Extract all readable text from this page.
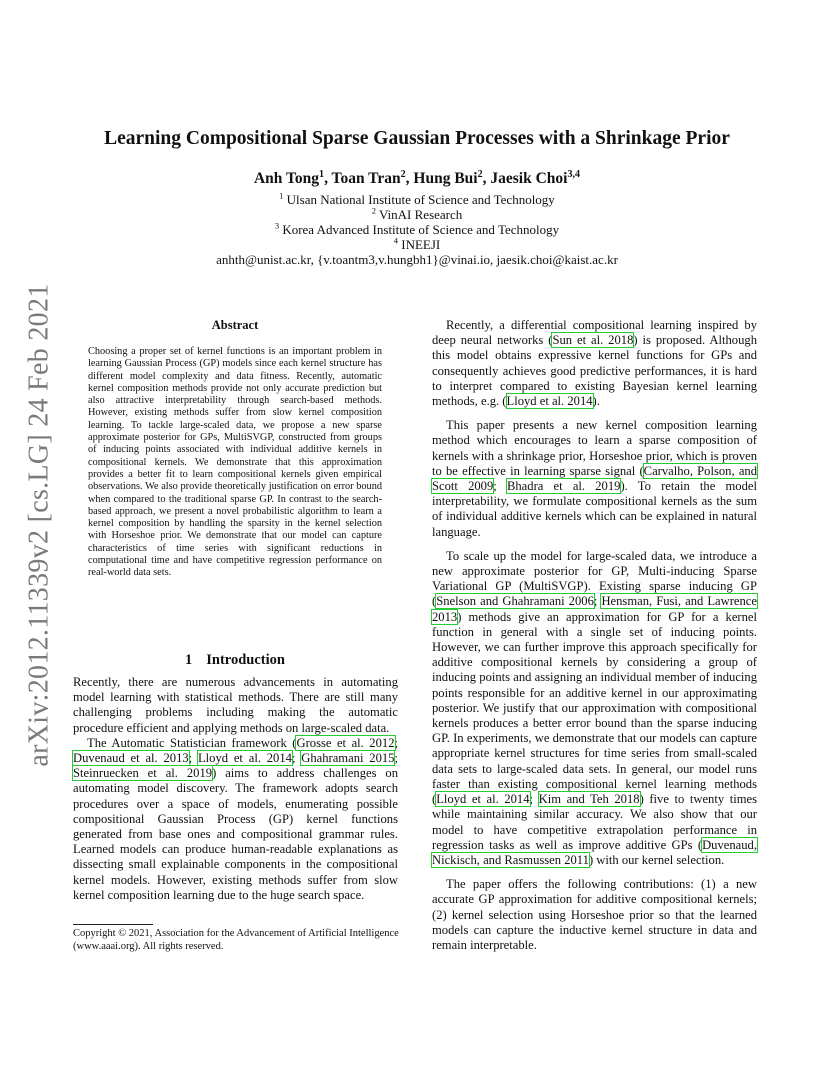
arXiv:2012.11339v2 [cs.LG] 24 Feb 2021
Learning Compositional Sparse Gaussian Processes with a Shrinkage Prior
Anh Tong$^1$, Toan Tran$^2$, Hung Bui$^2$, Jaesik Choi$^{3,4}$
$^1$ Ulsan National Institute of Science and Technology
$^2$ VinAI Research
$^3$ Korea Advanced Institute of Science and Technology
$^4$ INEEJI
anhth@unist.ac.kr, {v.toantm3,v.hungbh1}@vinai.io, jaesik.choi@kaist.ac.kr
Abstract

Choosing a proper set of kernel functions is an important problem in learning Gaussian Process (GP) models since each kernel structure has different model complexity and data fitness. Recently, automatic kernel composition methods provide not only accurate prediction but also attractive interpretability through search-based methods. However, existing methods suffer from slow kernel composition learning. To tackle large-scaled data, we propose a new sparse approximate posterior for GPs, MultiSVGP, constructed from groups of inducing points associated with individual additive kernels in compositional kernels. We demonstrate that this approximation provides a better fit to learn compositional kernels given empirical observations. We also provide theoretically justification on error bound when compared to the traditional sparse GP. In contrast to the search-based approach, we present a novel probabilistic algorithm to learn a kernel composition by handling the sparsity in the kernel selection with Horseshoe prior. We demonstrate that our model can capture characteristics of time series with significant reductions in computational time and have competitive regression performance on real-world data sets.

1 Introduction

Recently, there are numerous advancements in automating model learning with statistical methods. There are still many challenging problems including making the automatic procedure efficient and applying methods on large-scaled data.

The Automatic Statistician framework (Grosse et al. 2012; Duvenaud et al. 2013; Lloyd et al. 2014; Ghahramani 2015; Steinruecken et al. 2019) aims to address challenges on automating model discovery. The framework adopts search procedures over a space of models, enumerating possible compositional Gaussian Process (GP) kernel functions generated from base ones and compositional grammar rules. Learned models can produce human-readable explanations as dissecting small explainable components in the compositional kernel models. However, existing methods suffer from slow kernel composition learning due to the huge search space.

Copyright © 2021, Association for the Advancement of Artificial Intelligence (www.aaai.org). All rights reserved.

Recently, a differential compositional learning inspired by deep neural networks (Sun et al. 2018) is proposed. Although this model obtains expressive kernel functions for GPs and consequently achieves good predictive performances, it is hard to interpret compared to existing Bayesian kernel learning methods, e.g. (Lloyd et al. 2014).

This paper presents a new kernel composition learning method which encourages to learn a sparse composition of kernels with a shrinkage prior, Horseshoe prior, which is proven to be effective in learning sparse signal (Carvalho, Polson, and Scott 2009; Bhadra et al. 2019). To retain the model interpretability, we formulate compositional kernels as the sum of individual additive kernels which can be explained in natural language.

To scale up the model for large-scaled data, we introduce a new approximate posterior for GP, Multi-inducing Sparse Variational GP (MultiSVGP). Existing sparse inducing GP (Snelson and Ghahramani 2006; Hensman, Fusi, and Lawrence 2013) methods give an approximation for GP for a kernel function in general with a single set of inducing points. However, we can further improve this approach specifically for additive compositional kernels by considering a group of inducing points and assigning an individual member of inducing points responsible for an additive kernel in our approximating posterior. We justify that our approximation with compositional kernels produces a better error bound than the sparse inducing GP. In experiments, we demonstrate that our models can capture appropriate kernel structures for time series from small-scaled data sets to large-scaled data sets. In general, our model runs faster than existing compositional kernel learning methods (Lloyd et al. 2014; Kim and Teh 2018) five to twenty times while maintaining similar accuracy. We also show that our model to have competitive extrapolation performance in regression tasks as well as improve additive GPs (Duvenaud, Nickisch, and Rasmussen 2011) with our kernel selection.

The paper offers the following contributions: (1) a new accurate GP approximation for additive compositional kernels; (2) kernel selection using Horseshoe prior so that the learned models can capture the inductive kernel structure in data and remain interpretable.
